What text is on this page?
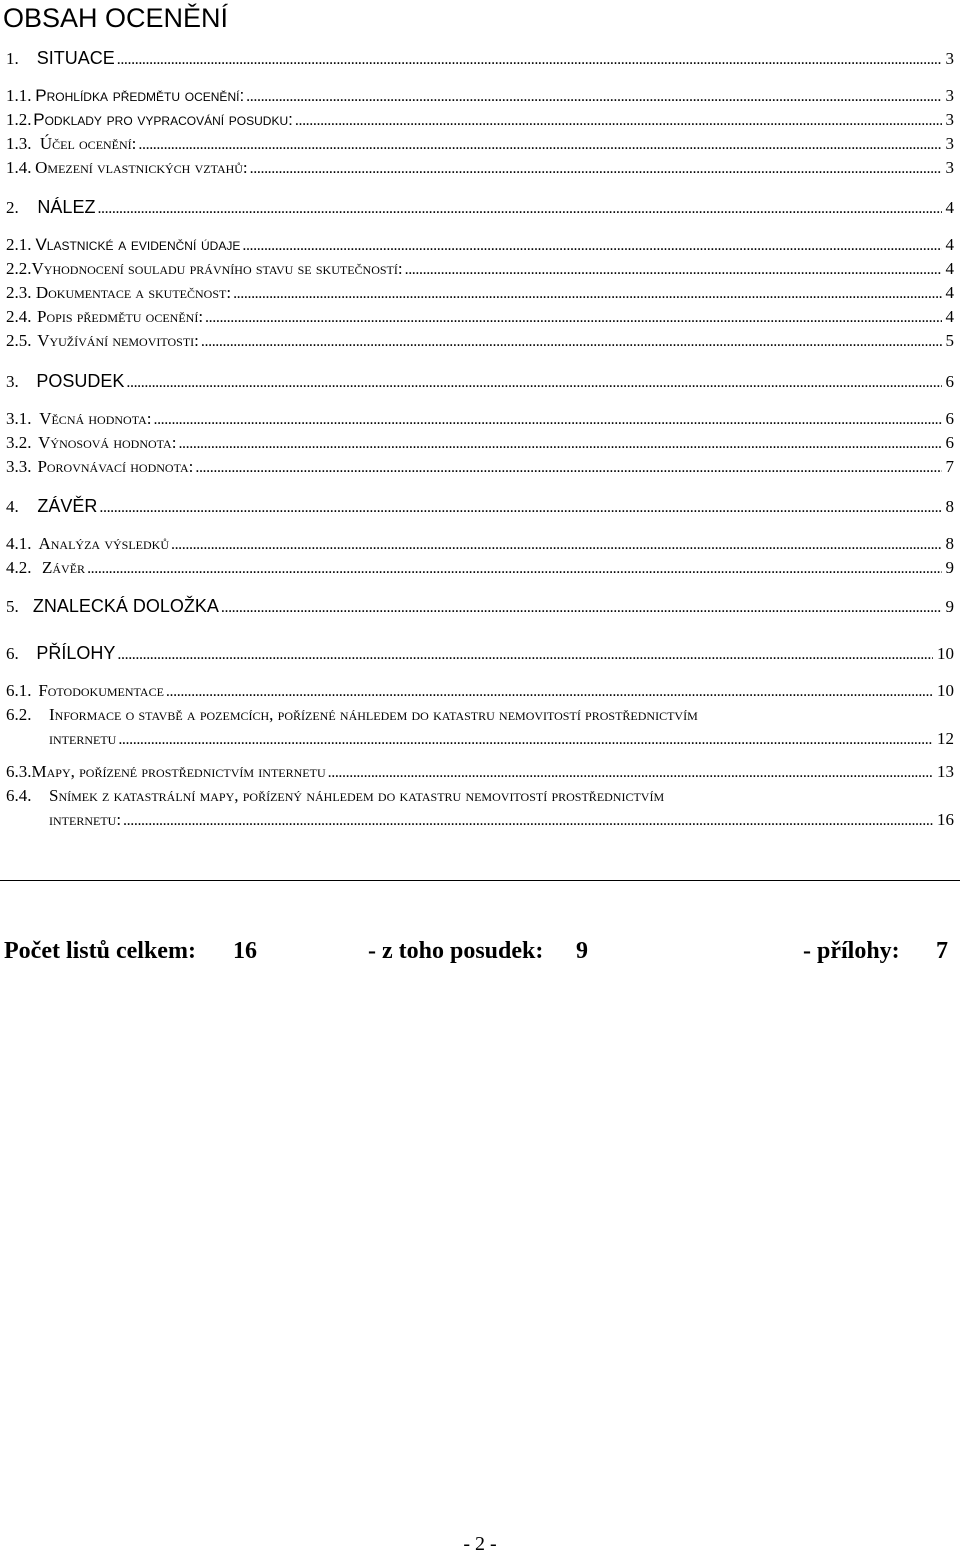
OBSAH OCENĚNÍ
1. SITUACE . . .	3
1.1. Prohlídka předmětu ocenění: . . .	3
1.2. Podklady pro vypracování posudku: . . .	3
1.3. Účel ocenění: . . .	3
1.4. Omezení vlastnických vztahů: . . .	3
2.	NÁLEZ . . .	4
2.1. Vlastnické a evidenční údaje . . .	4
2.2. Vyhodnocení souladu právního stavu se skutečností: . . .	4
2.3. Dokumentace a skutečnost: . . .	4
2.4. Popis předmětu ocenění: . . .	4
2.5. Využívání nemovitosti: . . .	5
3. POSUDEK . . .	6
3.1. Věcná hodnota: . . .	6
3.2. Výnosová hodnota: . . .	6
3.3. Porovnávací hodnota: . . .	7
4.	ZÁVĚR . . .	8
4.1. Analýza výsledků . . .	8
4.2. Závěr . . .	9
5. ZNALECKÁ DOLOŽKA . . .	9
6. PŘÍLOHY . . .	10
6.1. Fotodokumentace . . .	10
6.2.	Informace o stavbě a pozemcích, pořízené náhledem do katastru nemovitostí prostřednictvím
internetu . . .	12
6.3. Mapy, pořízené prostřednictvím internetu . . .	13
6.4.	Snímek z katastrální mapy, pořízený náhledem do katastru nemovitostí prostřednictvím
internetu: . . .	16
Počet listů celkem: 16	- z toho posudek: 9	- přílohy: 7
- 2 -
